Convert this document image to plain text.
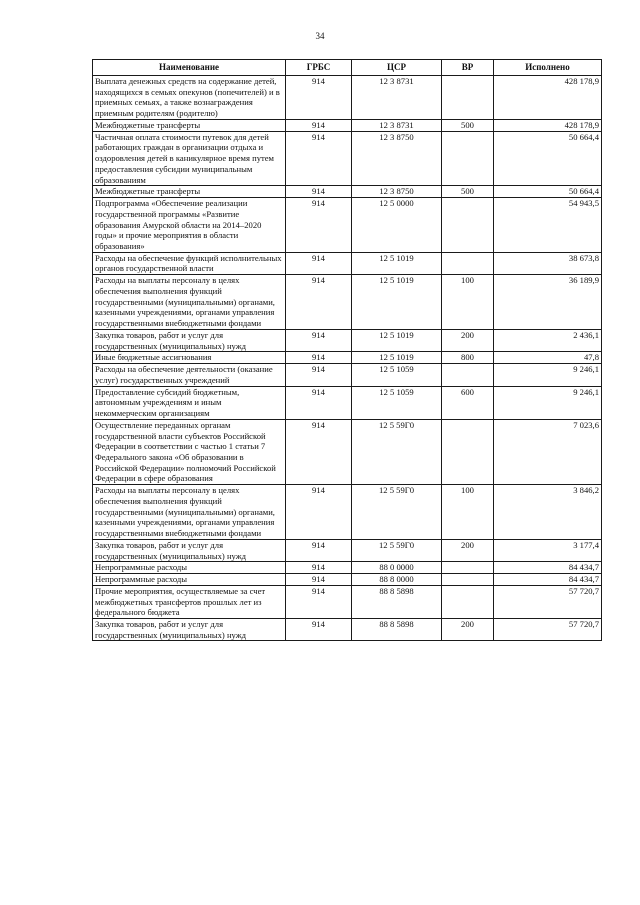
34
Наименование	ГРБС	ЦСР	ВР	Исполнено
Выплата денежных средств на содержание детей, находящихся в семьях опекунов (попечителей) и в приемных семьях, а также вознаграждения приемным родителям (родителю)	914	12 3 8731		428 178,9
Межбюджетные трансферты	914	12 3 8731	500	428 178,9
Частичная оплата стоимости путевок для детей работающих граждан в организации отдыха и оздоровления детей в каникулярное время путем предоставления субсидии муниципальным образованиям	914	12 3 8750		50 664,4
Межбюджетные трансферты	914	12 3 8750	500	50 664,4
Подпрограмма «Обеспечение реализации государственной программы «Развитие образования Амурской области на 2014–2020 годы» и прочие мероприятия в области образования»	914	12 5 0000		54 943,5
Расходы на обеспечение функций исполнительных органов государственной власти	914	12 5 1019		38 673,8
Расходы на выплаты персоналу в целях обеспечения выполнения функций государственными (муниципальными) органами, казенными учреждениями, органами управления государственными внебюджетными фондами	914	12 5 1019	100	36 189,9
Закупка товаров, работ и услуг для государственных (муниципальных) нужд	914	12 5 1019	200	2 436,1
Иные бюджетные ассигнования	914	12 5 1019	800	47,8
Расходы на обеспечение деятельности (оказание услуг) государственных учреждений	914	12 5 1059		9 246,1
Предоставление субсидий бюджетным, автономным учреждениям и иным некоммерческим организациям	914	12 5 1059	600	9 246,1
Осуществление переданных органам государственной власти субъектов Российской Федерации в соответствии с частью 1 статьи 7 Федерального закона «Об образовании в Российской Федерации» полномочий Российской Федерации в сфере образования	914	12 5 59Г0		7 023,6
Расходы на выплаты персоналу в целях обеспечения выполнения функций государственными (муниципальными) органами, казенными учреждениями, органами управления государственными внебюджетными фондами	914	12 5 59Г0	100	3 846,2
Закупка товаров, работ и услуг для государственных (муниципальных) нужд	914	12 5 59Г0	200	3 177,4
Непрограммные расходы	914	88 0 0000		84 434,7
Непрограммные расходы	914	88 8 0000		84 434,7
Прочие мероприятия, осуществляемые за счет межбюджетных трансфертов прошлых лет из федерального бюджета	914	88 8 5898		57 720,7
Закупка товаров, работ и услуг для государственных (муниципальных) нужд	914	88 8 5898	200	57 720,7
